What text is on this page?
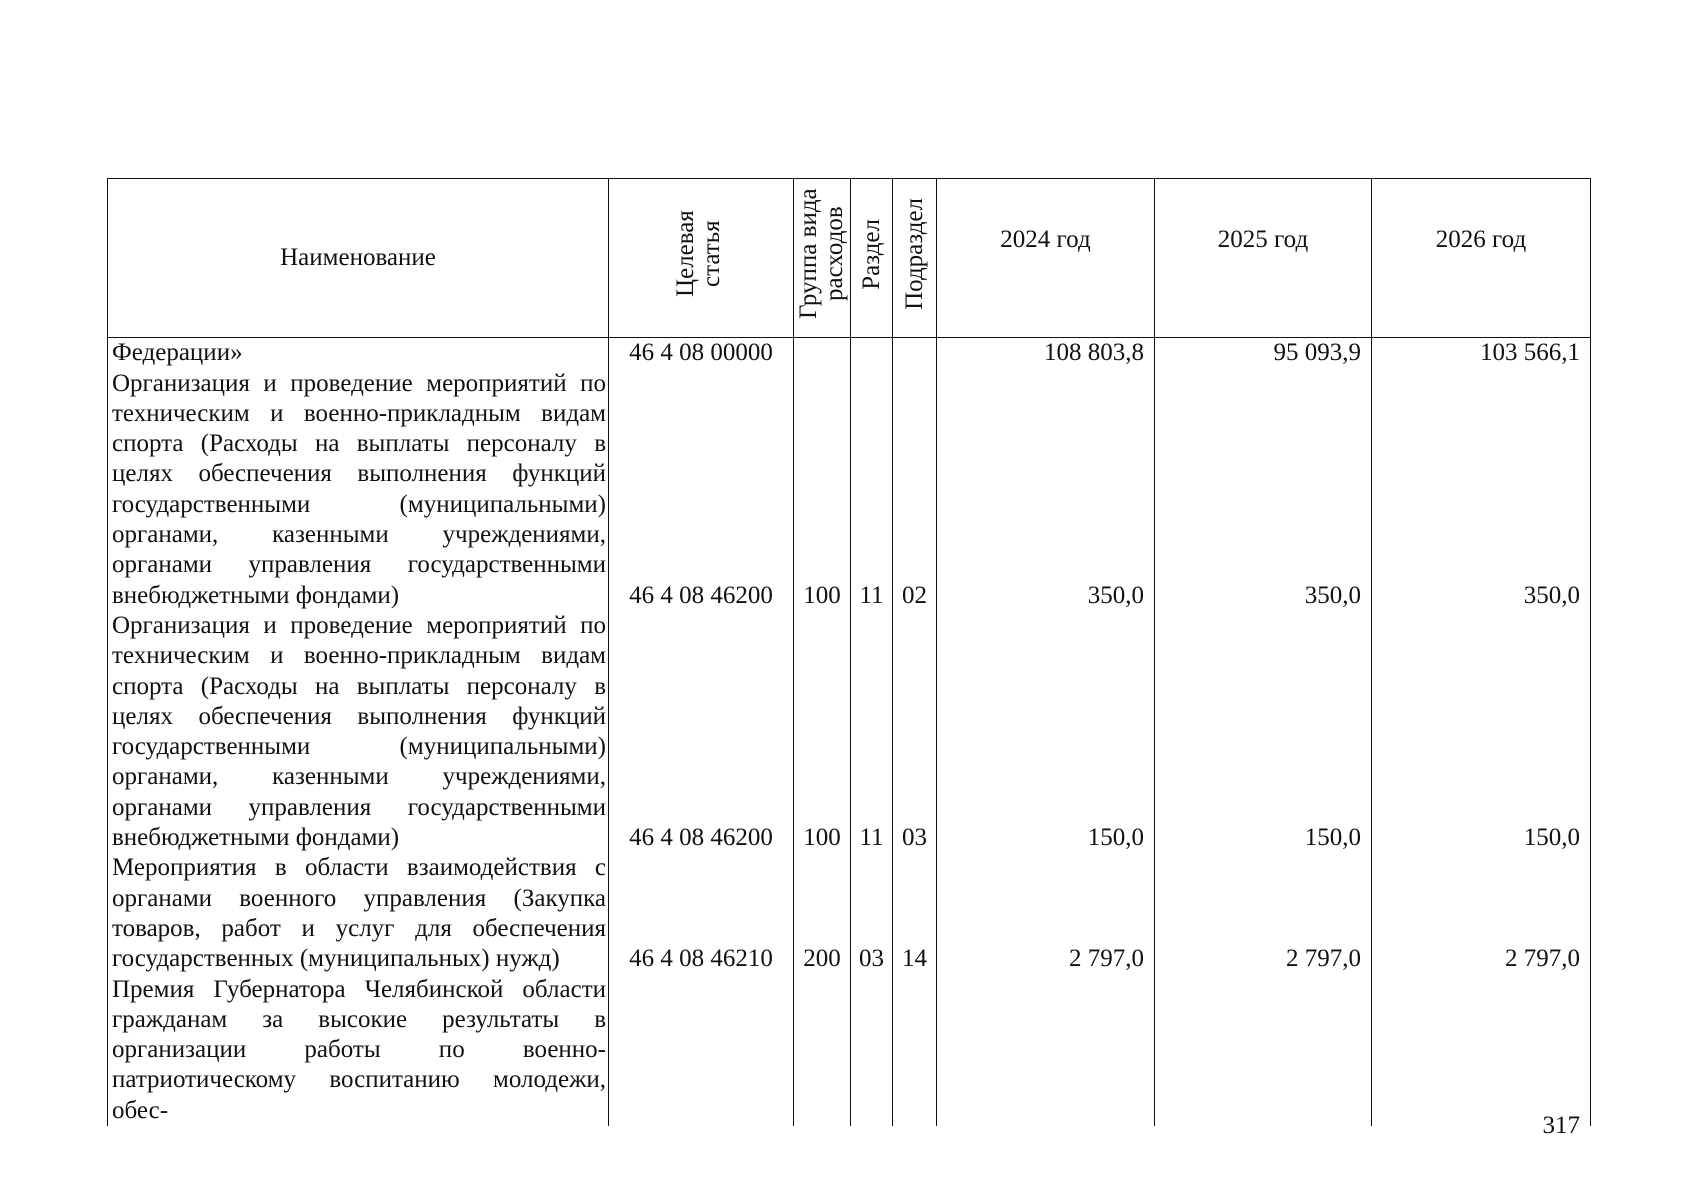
Наименование	Целевая статья	Группа вида расходов	Раздел	Подраздел	2024 год	2025 год	2026 год

Федерации»	46 4 08 00000				108 803,8	95 093,9	103 566,1
Организация и проведение мероприятий по техническим и военно-прикладным видам спорта (Расходы на выплаты персоналу в целях обеспечения выполнения функций государственными (муниципальными) органами, казенными учреждениями, органами управления государственными внебюджетными фондами)	46 4 08 46200	100	11	02	350,0	350,0	350,0
Организация и проведение мероприятий по техническим и военно-прикладным видам спорта (Расходы на выплаты персоналу в целях обеспечения выполнения функций государственными (муниципальными) органами, казенными учреждениями, органами управления государственными внебюджетными фондами)	46 4 08 46200	100	11	03	150,0	150,0	150,0
Мероприятия в области взаимодействия с органами военного управления (Закупка товаров, работ и услуг для обеспечения государственных (муниципальных) нужд)	46 4 08 46210	200	03	14	2 797,0	2 797,0	2 797,0
Премия Губернатора Челябинской области гражданам за высокие результаты в организации работы по военно-патриотическому воспитанию молодежи, обес-							
317
